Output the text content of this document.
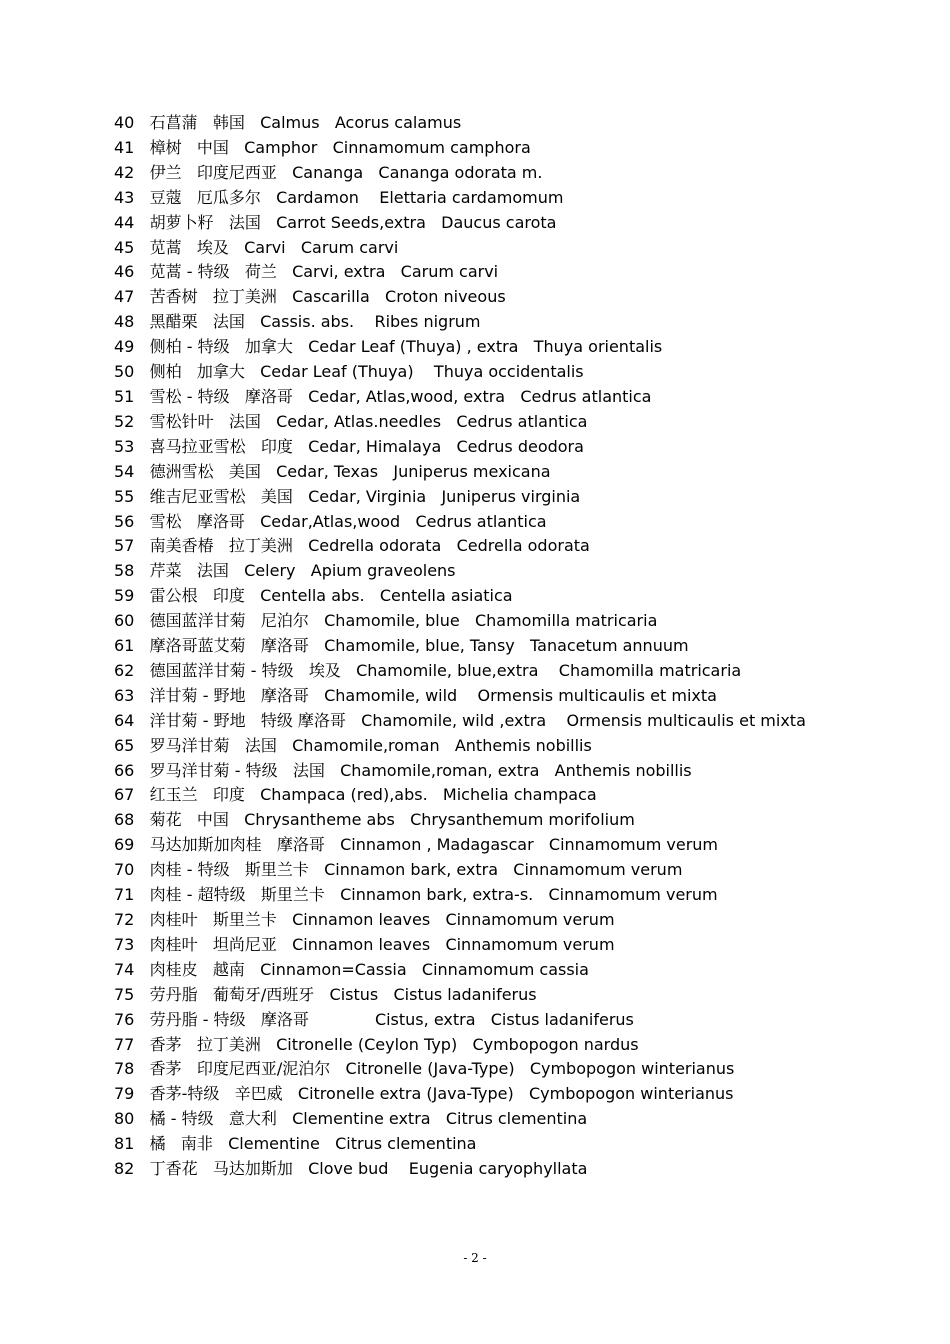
40   石菖蒲   韩国   Calmus   Acorus calamus
41   樟树   中国   Camphor   Cinnamomum camphora
42   伊兰   印度尼西亚   Cananga   Cananga odorata m.
43   豆蔻   厄瓜多尔   Cardamon    Elettaria cardamomum
44   胡萝卜籽   法国   Carrot Seeds,extra   Daucus carota
45   苋蒿   埃及   Carvi   Carum carvi
46   苋蒿 - 特级   荷兰   Carvi, extra   Carum carvi
47   苦香树   拉丁美洲   Cascarilla   Croton niveous
48   黑醋栗   法国   Cassis. abs.    Ribes nigrum
49   侧柏 - 特级   加拿大   Cedar Leaf (Thuya) , extra   Thuya orientalis
50   侧柏   加拿大   Cedar Leaf (Thuya)    Thuya occidentalis
51   雪松 - 特级   摩洛哥   Cedar, Atlas,wood, extra   Cedrus atlantica
52   雪松针叶   法国   Cedar, Atlas.needles   Cedrus atlantica
53   喜马拉亚雪松   印度   Cedar, Himalaya   Cedrus deodora
54   德洲雪松   美国   Cedar, Texas   Juniperus mexicana
55   维吉尼亚雪松   美国   Cedar, Virginia   Juniperus virginia
56   雪松   摩洛哥   Cedar,Atlas,wood   Cedrus atlantica
57   南美香椿   拉丁美洲   Cedrella odorata   Cedrella odorata
58   芹菜   法国   Celery   Apium graveolens
59   雷公根   印度   Centella abs.   Centella asiatica
60   德国蓝洋甘菊   尼泊尔   Chamomile, blue   Chamomilla matricaria
61   摩洛哥蓝艾菊   摩洛哥   Chamomile, blue, Tansy   Tanacetum annuum
62   德国蓝洋甘菊 - 特级   埃及   Chamomile, blue,extra    Chamomilla matricaria
63   洋甘菊 - 野地   摩洛哥   Chamomile, wild    Ormensis multicaulis et mixta
64   洋甘菊 - 野地   特级 摩洛哥   Chamomile, wild ,extra    Ormensis multicaulis et mixta
65   罗马洋甘菊   法国   Chamomile,roman   Anthemis nobillis
66   罗马洋甘菊 - 特级   法国   Chamomile,roman, extra   Anthemis nobillis
67   红玉兰   印度   Champaca (red),abs.   Michelia champaca
68   菊花   中国   Chrysantheme abs   Chrysanthemum morifolium
69   马达加斯加肉桂   摩洛哥   Cinnamon , Madagascar   Cinnamomum verum
70   肉桂 - 特级   斯里兰卡   Cinnamon bark, extra   Cinnamomum verum
71   肉桂 - 超特级   斯里兰卡   Cinnamon bark, extra-s.   Cinnamomum verum
72   肉桂叶   斯里兰卡   Cinnamon leaves   Cinnamomum verum
73   肉桂叶   坦尚尼亚   Cinnamon leaves   Cinnamomum verum
74   肉桂皮   越南   Cinnamon=Cassia   Cinnamomum cassia
75   劳丹脂   葡萄牙/西班牙   Cistus   Cistus ladaniferus
76   劳丹脂 - 特级   摩洛哥             Cistus, extra   Cistus ladaniferus
77   香茅   拉丁美洲   Citronelle (Ceylon Typ)   Cymbopogon nardus
78   香茅   印度尼西亚/泥泊尔   Citronelle (Java-Type)   Cymbopogon winterianus
79   香茅-特级   辛巴威   Citronelle extra (Java-Type)   Cymbopogon winterianus
80   橘 - 特级   意大利   Clementine extra   Citrus clementina
81   橘   南非   Clementine   Citrus clementina
82   丁香花   马达加斯加   Clove bud    Eugenia caryophyllata
- 2 -
